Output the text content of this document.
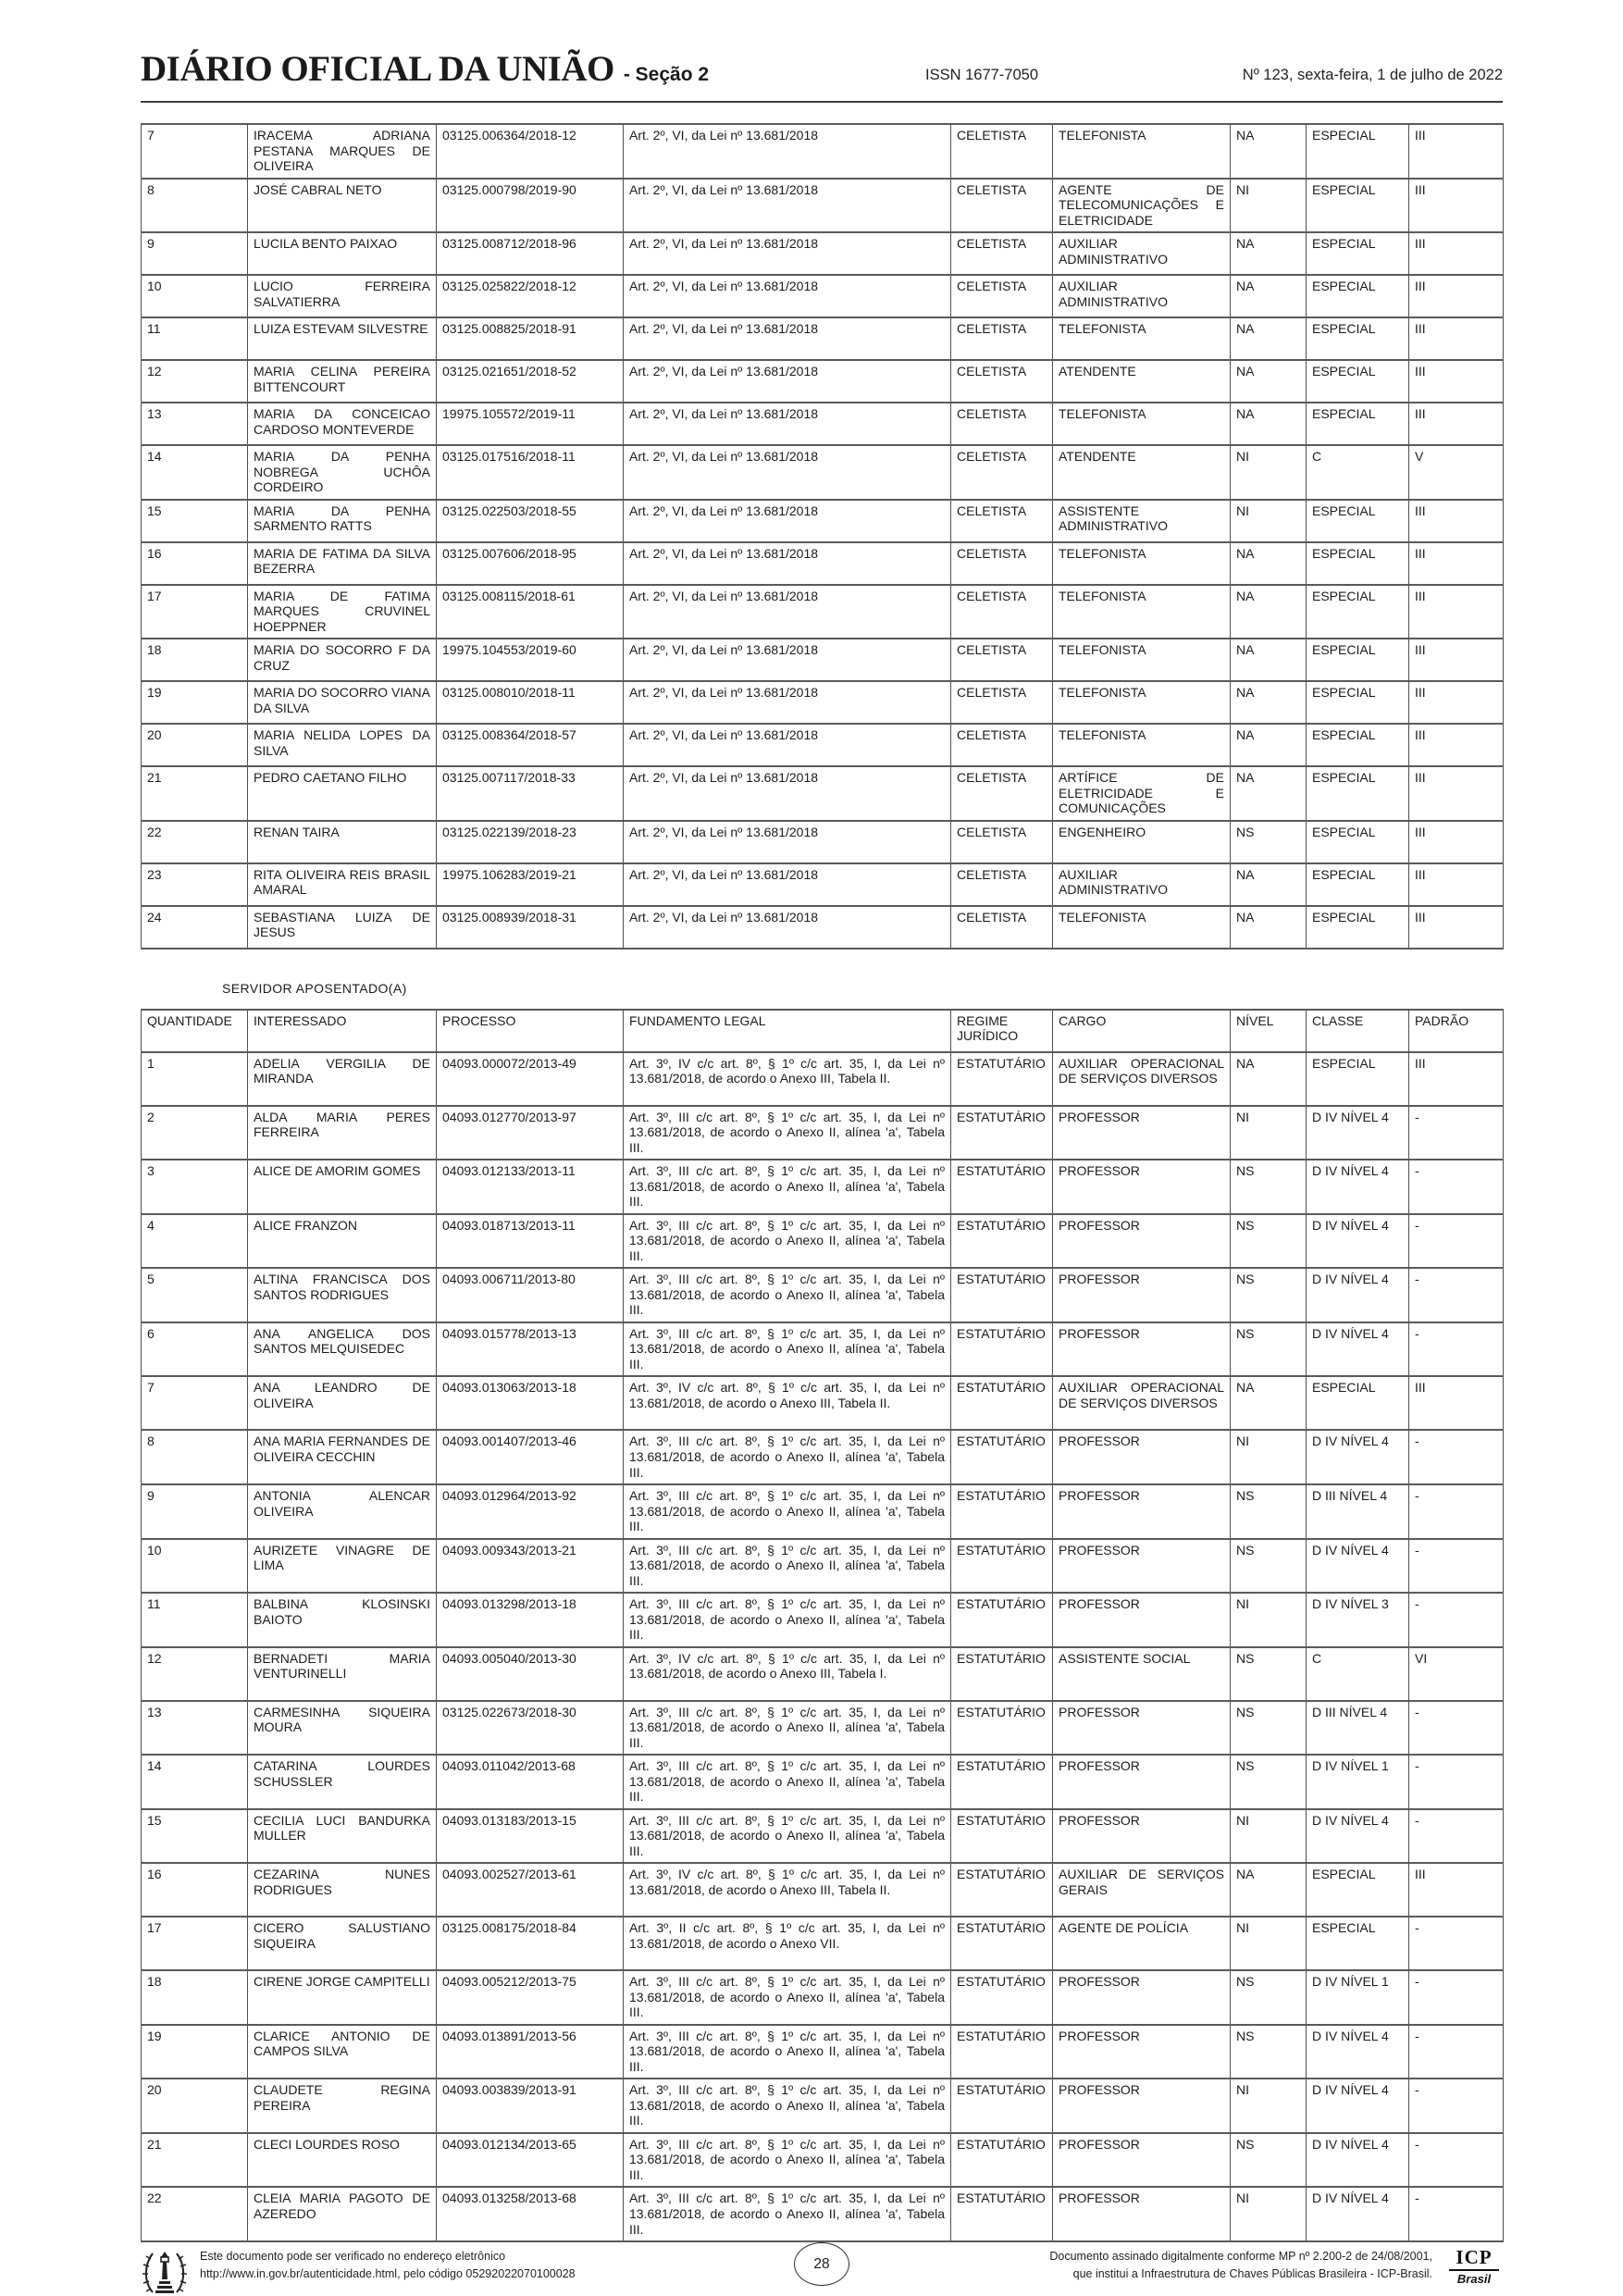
DIÁRIO OFICIAL DA UNIÃO - Seção 2	ISSN 1677-7050	Nº 123, sexta-feira, 1 de julho de 2022
7	IRACEMA ADRIANA PESTANA MARQUES DE OLIVEIRA	03125.006364/2018-12	Art. 2º, VI, da Lei nº 13.681/2018	CELETISTA	TELEFONISTA	NA	ESPECIAL	III
8	JOSÉ CABRAL NETO	03125.000798/2019-90	Art. 2º, VI, da Lei nº 13.681/2018	CELETISTA	AGENTE DE TELECOMUNICAÇÕES E ELETRICIDADE	NI	ESPECIAL	III
9	LUCILA BENTO PAIXAO	03125.008712/2018-96	Art. 2º, VI, da Lei nº 13.681/2018	CELETISTA	AUXILIAR ADMINISTRATIVO	NA	ESPECIAL	III
10	LUCIO FERREIRA SALVATIERRA	03125.025822/2018-12	Art. 2º, VI, da Lei nº 13.681/2018	CELETISTA	AUXILIAR ADMINISTRATIVO	NA	ESPECIAL	III
11	LUIZA ESTEVAM SILVESTRE	03125.008825/2018-91	Art. 2º, VI, da Lei nº 13.681/2018	CELETISTA	TELEFONISTA	NA	ESPECIAL	III
12	MARIA CELINA PEREIRA BITTENCOURT	03125.021651/2018-52	Art. 2º, VI, da Lei nº 13.681/2018	CELETISTA	ATENDENTE	NA	ESPECIAL	III
13	MARIA DA CONCEICAO CARDOSO MONTEVERDE	19975.105572/2019-11	Art. 2º, VI, da Lei nº 13.681/2018	CELETISTA	TELEFONISTA	NA	ESPECIAL	III
14	MARIA DA PENHA NOBREGA UCHÔA CORDEIRO	03125.017516/2018-11	Art. 2º, VI, da Lei nº 13.681/2018	CELETISTA	ATENDENTE	NI	C	V
15	MARIA DA PENHA SARMENTO RATTS	03125.022503/2018-55	Art. 2º, VI, da Lei nº 13.681/2018	CELETISTA	ASSISTENTE ADMINISTRATIVO	NI	ESPECIAL	III
16	MARIA DE FATIMA DA SILVA BEZERRA	03125.007606/2018-95	Art. 2º, VI, da Lei nº 13.681/2018	CELETISTA	TELEFONISTA	NA	ESPECIAL	III
17	MARIA DE FATIMA MARQUES CRUVINEL HOEPPNER	03125.008115/2018-61	Art. 2º, VI, da Lei nº 13.681/2018	CELETISTA	TELEFONISTA	NA	ESPECIAL	III
18	MARIA DO SOCORRO F DA CRUZ	19975.104553/2019-60	Art. 2º, VI, da Lei nº 13.681/2018	CELETISTA	TELEFONISTA	NA	ESPECIAL	III
19	MARIA DO SOCORRO VIANA DA SILVA	03125.008010/2018-11	Art. 2º, VI, da Lei nº 13.681/2018	CELETISTA	TELEFONISTA	NA	ESPECIAL	III
20	MARIA NELIDA LOPES DA SILVA	03125.008364/2018-57	Art. 2º, VI, da Lei nº 13.681/2018	CELETISTA	TELEFONISTA	NA	ESPECIAL	III
21	PEDRO CAETANO FILHO	03125.007117/2018-33	Art. 2º, VI, da Lei nº 13.681/2018	CELETISTA	ARTÍFICE DE ELETRICIDADE E COMUNICAÇÕES	NA	ESPECIAL	III
22	RENAN TAIRA	03125.022139/2018-23	Art. 2º, VI, da Lei nº 13.681/2018	CELETISTA	ENGENHEIRO	NS	ESPECIAL	III
23	RITA OLIVEIRA REIS BRASIL AMARAL	19975.106283/2019-21	Art. 2º, VI, da Lei nº 13.681/2018	CELETISTA	AUXILIAR ADMINISTRATIVO	NA	ESPECIAL	III
24	SEBASTIANA LUIZA DE JESUS	03125.008939/2018-31	Art. 2º, VI, da Lei nº 13.681/2018	CELETISTA	TELEFONISTA	NA	ESPECIAL	III
SERVIDOR APOSENTADO(A)
QUANTIDADE	INTERESSADO	PROCESSO	FUNDAMENTO LEGAL	REGIME JURÍDICO	CARGO	NÍVEL	CLASSE	PADRÃO
1	ADELIA VERGILIA DE MIRANDA	04093.000072/2013-49	Art. 3º, IV c/c art. 8º, § 1º c/c art. 35, I, da Lei nº 13.681/2018, de acordo o Anexo III, Tabela II.	ESTATUTÁRIO	AUXILIAR OPERACIONAL DE SERVIÇOS DIVERSOS	NA	ESPECIAL	III
2	ALDA MARIA PERES FERREIRA	04093.012770/2013-97	Art. 3º, III c/c art. 8º, § 1º c/c art. 35, I, da Lei nº 13.681/2018, de acordo o Anexo II, alínea 'a', Tabela III.	ESTATUTÁRIO	PROFESSOR	NI	D IV NÍVEL 4	-
3	ALICE DE AMORIM GOMES	04093.012133/2013-11	Art. 3º, III c/c art. 8º, § 1º c/c art. 35, I, da Lei nº 13.681/2018, de acordo o Anexo II, alínea 'a', Tabela III.	ESTATUTÁRIO	PROFESSOR	NS	D IV NÍVEL 4	-
4	ALICE FRANZON	04093.018713/2013-11	Art. 3º, III c/c art. 8º, § 1º c/c art. 35, I, da Lei nº 13.681/2018, de acordo o Anexo II, alínea 'a', Tabela III.	ESTATUTÁRIO	PROFESSOR	NS	D IV NÍVEL 4	-
5	ALTINA FRANCISCA DOS SANTOS RODRIGUES	04093.006711/2013-80	Art. 3º, III c/c art. 8º, § 1º c/c art. 35, I, da Lei nº 13.681/2018, de acordo o Anexo II, alínea 'a', Tabela III.	ESTATUTÁRIO	PROFESSOR	NS	D IV NÍVEL 4	-
6	ANA ANGELICA DOS SANTOS MELQUISEDEC	04093.015778/2013-13	Art. 3º, III c/c art. 8º, § 1º c/c art. 35, I, da Lei nº 13.681/2018, de acordo o Anexo II, alínea 'a', Tabela III.	ESTATUTÁRIO	PROFESSOR	NS	D IV NÍVEL 4	-
7	ANA LEANDRO DE OLIVEIRA	04093.013063/2013-18	Art. 3º, IV c/c art. 8º, § 1º c/c art. 35, I, da Lei nº 13.681/2018, de acordo o Anexo III, Tabela II.	ESTATUTÁRIO	AUXILIAR OPERACIONAL DE SERVIÇOS DIVERSOS	NA	ESPECIAL	III
8	ANA MARIA FERNANDES DE OLIVEIRA CECCHIN	04093.001407/2013-46	Art. 3º, III c/c art. 8º, § 1º c/c art. 35, I, da Lei nº 13.681/2018, de acordo o Anexo II, alínea 'a', Tabela III.	ESTATUTÁRIO	PROFESSOR	NI	D IV NÍVEL 4	-
9	ANTONIA ALENCAR OLIVEIRA	04093.012964/2013-92	Art. 3º, III c/c art. 8º, § 1º c/c art. 35, I, da Lei nº 13.681/2018, de acordo o Anexo II, alínea 'a', Tabela III.	ESTATUTÁRIO	PROFESSOR	NS	D III NÍVEL 4	-
10	AURIZETE VINAGRE DE LIMA	04093.009343/2013-21	Art. 3º, III c/c art. 8º, § 1º c/c art. 35, I, da Lei nº 13.681/2018, de acordo o Anexo II, alínea 'a', Tabela III.	ESTATUTÁRIO	PROFESSOR	NS	D IV NÍVEL 4	-
11	BALBINA KLOSINSKI BAIOTO	04093.013298/2013-18	Art. 3º, III c/c art. 8º, § 1º c/c art. 35, I, da Lei nº 13.681/2018, de acordo o Anexo II, alínea 'a', Tabela III.	ESTATUTÁRIO	PROFESSOR	NI	D IV NÍVEL 3	-
12	BERNADETI MARIA VENTURINELLI	04093.005040/2013-30	Art. 3º, IV c/c art. 8º, § 1º c/c art. 35, I, da Lei nº 13.681/2018, de acordo o Anexo III, Tabela I.	ESTATUTÁRIO	ASSISTENTE SOCIAL	NS	C	VI
13	CARMESINHA SIQUEIRA MOURA	03125.022673/2018-30	Art. 3º, III c/c art. 8º, § 1º c/c art. 35, I, da Lei nº 13.681/2018, de acordo o Anexo II, alínea 'a', Tabela III.	ESTATUTÁRIO	PROFESSOR	NS	D III NÍVEL 4	-
14	CATARINA LOURDES SCHUSSLER	04093.011042/2013-68	Art. 3º, III c/c art. 8º, § 1º c/c art. 35, I, da Lei nº 13.681/2018, de acordo o Anexo II, alínea 'a', Tabela III.	ESTATUTÁRIO	PROFESSOR	NS	D IV NÍVEL 1	-
15	CECILIA LUCI BANDURKA MULLER	04093.013183/2013-15	Art. 3º, III c/c art. 8º, § 1º c/c art. 35, I, da Lei nº 13.681/2018, de acordo o Anexo II, alínea 'a', Tabela III.	ESTATUTÁRIO	PROFESSOR	NI	D IV NÍVEL 4	-
16	CEZARINA NUNES RODRIGUES	04093.002527/2013-61	Art. 3º, IV c/c art. 8º, § 1º c/c art. 35, I, da Lei nº 13.681/2018, de acordo o Anexo III, Tabela II.	ESTATUTÁRIO	AUXILIAR DE SERVIÇOS GERAIS	NA	ESPECIAL	III
17	CICERO SALUSTIANO SIQUEIRA	03125.008175/2018-84	Art. 3º, II c/c art. 8º, § 1º c/c art. 35, I, da Lei nº 13.681/2018, de acordo o Anexo VII.	ESTATUTÁRIO	AGENTE DE POLÍCIA	NI	ESPECIAL	-
18	CIRENE JORGE CAMPITELLI	04093.005212/2013-75	Art. 3º, III c/c art. 8º, § 1º c/c art. 35, I, da Lei nº 13.681/2018, de acordo o Anexo II, alínea 'a', Tabela III.	ESTATUTÁRIO	PROFESSOR	NS	D IV NÍVEL 1	-
19	CLARICE ANTONIO DE CAMPOS SILVA	04093.013891/2013-56	Art. 3º, III c/c art. 8º, § 1º c/c art. 35, I, da Lei nº 13.681/2018, de acordo o Anexo II, alínea 'a', Tabela III.	ESTATUTÁRIO	PROFESSOR	NS	D IV NÍVEL 4	-
20	CLAUDETE REGINA PEREIRA	04093.003839/2013-91	Art. 3º, III c/c art. 8º, § 1º c/c art. 35, I, da Lei nº 13.681/2018, de acordo o Anexo II, alínea 'a', Tabela III.	ESTATUTÁRIO	PROFESSOR	NI	D IV NÍVEL 4	-
21	CLECI LOURDES ROSO	04093.012134/2013-65	Art. 3º, III c/c art. 8º, § 1º c/c art. 35, I, da Lei nº 13.681/2018, de acordo o Anexo II, alínea 'a', Tabela III.	ESTATUTÁRIO	PROFESSOR	NS	D IV NÍVEL 4	-
22	CLEIA MARIA PAGOTO DE AZEREDO	04093.013258/2013-68	Art. 3º, III c/c art. 8º, § 1º c/c art. 35, I, da Lei nº 13.681/2018, de acordo o Anexo II, alínea 'a', Tabela III.	ESTATUTÁRIO	PROFESSOR	NI	D IV NÍVEL 4	-
Este documento pode ser verificado no endereço eletrônico
http://www.in.gov.br/autenticidade.html, pelo código 05292022070100028
28	Documento assinado digitalmente conforme MP nº 2.200-2 de 24/08/2001,
que institui a Infraestrutura de Chaves Públicas Brasileira - ICP-Brasil.
ICP
Brasil
